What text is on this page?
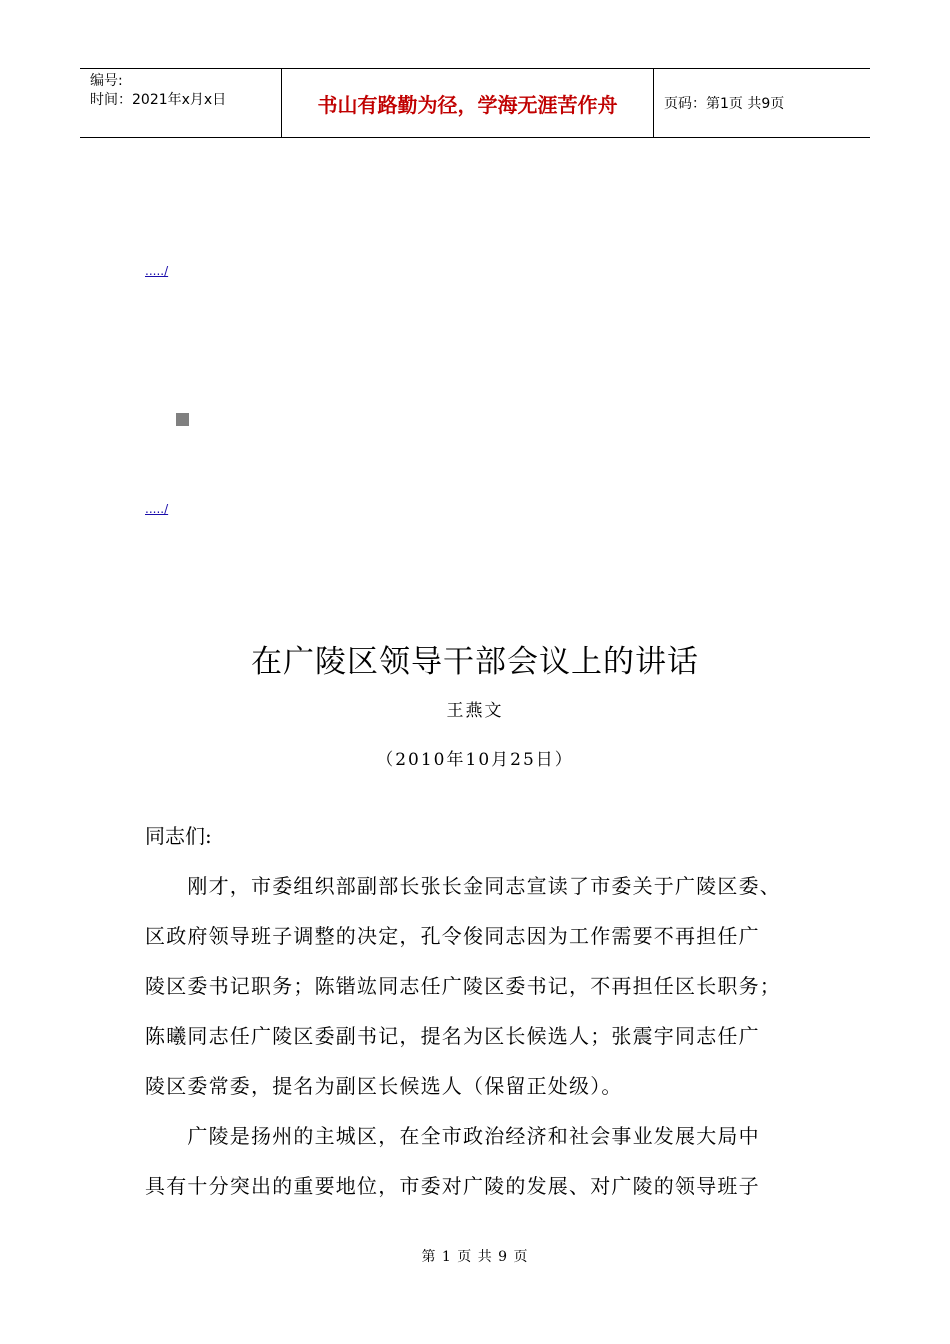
编号:
时间：2021年x月x日	书山有路勤为径，学海无涯苦作舟	页码：第1页 共9页
...../
...../
在广陵区领导干部会议上的讲话
王燕文
（2010年10月25日）
同志们:
　　刚才，市委组织部副部长张长金同志宣读了市委关于广陵区委、
区政府领导班子调整的决定，孔令俊同志因为工作需要不再担任广
陵区委书记职务；陈锴竑同志任广陵区委书记，不再担任区长职务；
陈曦同志任广陵区委副书记，提名为区长候选人；张震宇同志任广
陵区委常委，提名为副区长候选人（保留正处级）。
　　广陵是扬州的主城区，在全市政治经济和社会事业发展大局中
具有十分突出的重要地位，市委对广陵的发展、对广陵的领导班子
第 1 页 共 9 页
